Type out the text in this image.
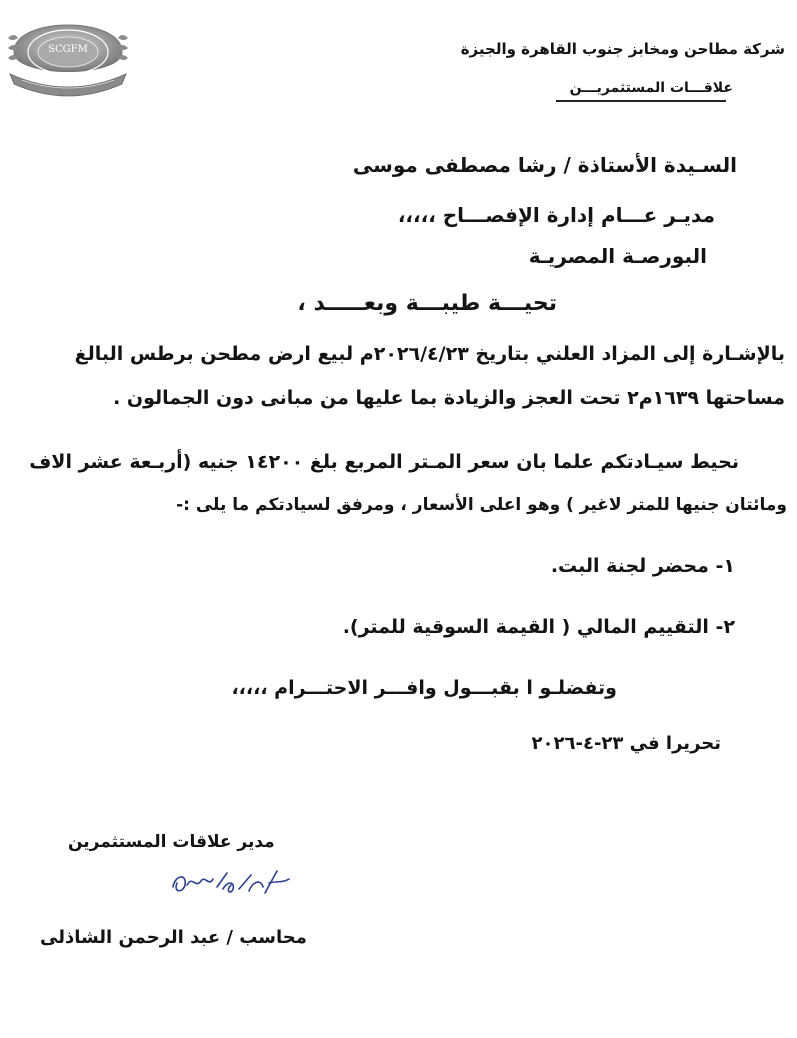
SCGFM	شركة مطاحن ومخابز جنوب القاهرة والجيزة
علاقـــات المستثمريـــن
السـيدة الأستاذة / رشا مصطفى موسى
مديـر عـــام إدارة الإفصـــاح ،،،،،
البورصـة المصريـة
تحيـــة طيبـــة وبعـــــد ،
بالإشـارة إلى المزاد العلني بتاريخ ٢٠٢٦/٤/٢٣م لبيع ارض مطحن برطس البالغ
مساحتها ١٦٣٩م٢ تحت العجز والزيادة بما عليها من مبانى دون الجمالون .
نحيط سيـادتكم علما بان سعر المـتر المربع بلغ ١٤٢٠٠ جنيه (أربـعة عشر الاف
ومائتان جنيها للمتر لاغير ) وهو اعلى الأسعار ، ومرفق لسيادتكم ما يلى :-
١- محضر لجنة البت.
٢- التقييم المالي ( القيمة السوقية للمتر).
وتفضلـو ا بقبـــول وافـــر الاحتـــرام ،،،،،
تحريرا في ٢٣-٤-٢٠٢٦
مدير علاقات المستثمرين
محاسب / عبد الرحمن الشاذلى
